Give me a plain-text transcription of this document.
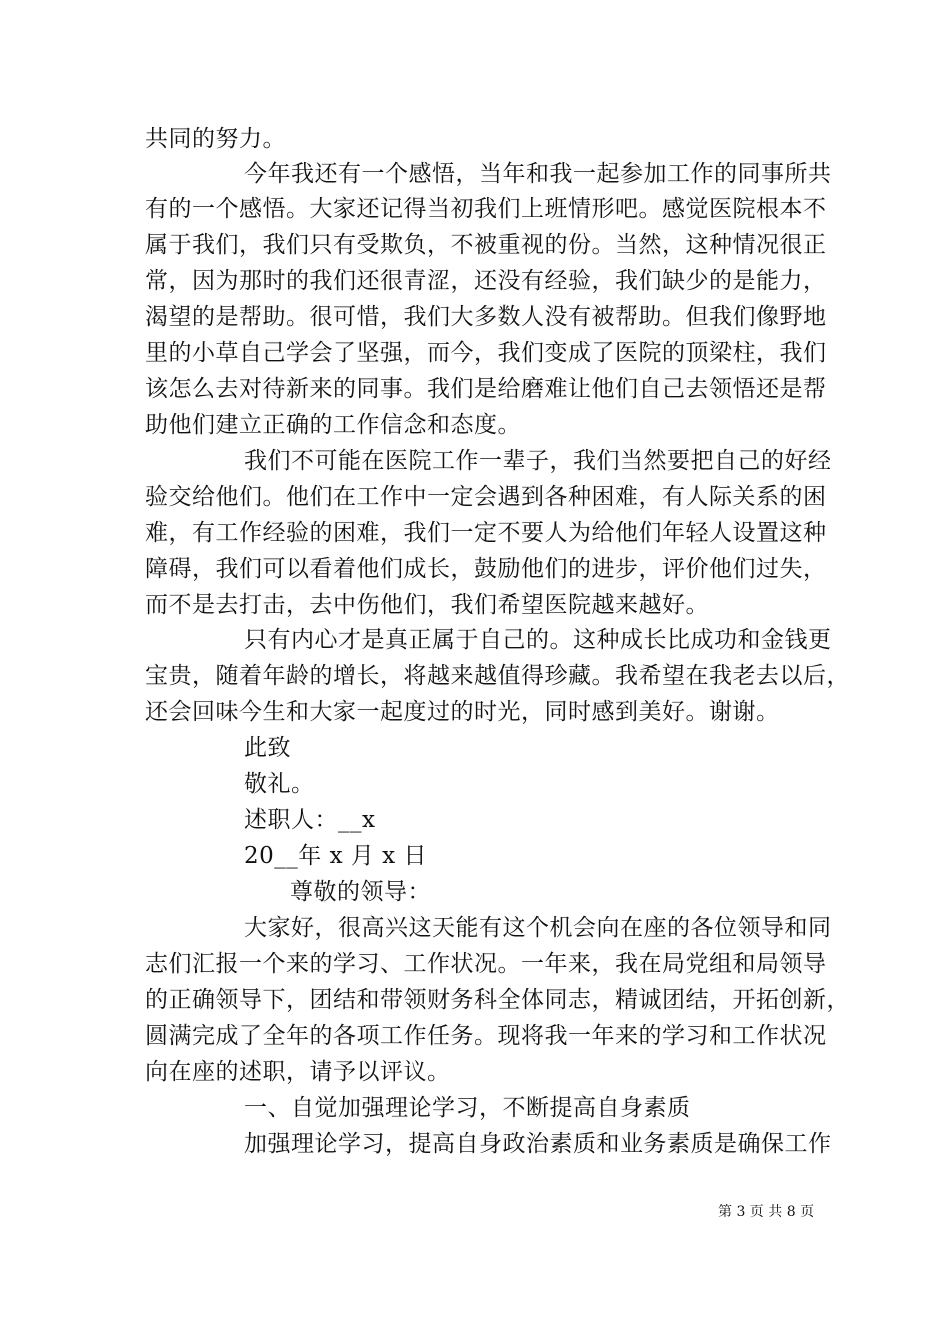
共同的努力。
今年我还有一个感悟，当年和我一起参加工作的同事所共
有的一个感悟。大家还记得当初我们上班情形吧。感觉医院根本不
属于我们，我们只有受欺负，不被重视的份。当然，这种情况很正
常，因为那时的我们还很青涩，还没有经验，我们缺少的是能力，
渴望的是帮助。很可惜，我们大多数人没有被帮助。但我们像野地
里的小草自己学会了坚强，而今，我们变成了医院的顶梁柱，我们
该怎么去对待新来的同事。我们是给磨难让他们自己去领悟还是帮
助他们建立正确的工作信念和态度。
我们不可能在医院工作一辈子，我们当然要把自己的好经
验交给他们。他们在工作中一定会遇到各种困难，有人际关系的困
难，有工作经验的困难，我们一定不要人为给他们年轻人设置这种
障碍，我们可以看着他们成长，鼓励他们的进步，评价他们过失，
而不是去打击，去中伤他们，我们希望医院越来越好。
只有内心才是真正属于自己的。这种成长比成功和金钱更
宝贵，随着年龄的增长，将越来越值得珍藏。我希望在我老去以后，
还会回味今生和大家一起度过的时光，同时感到美好。谢谢。
此致
敬礼。
述职人：__x
20__年 x 月 x 日
尊敬的领导：
大家好，很高兴这天能有这个机会向在座的各位领导和同
志们汇报一个来的学习、工作状况。一年来，我在局党组和局领导
的正确领导下，团结和带领财务科全体同志，精诚团结，开拓创新，
圆满完成了全年的各项工作任务。现将我一年来的学习和工作状况
向在座的述职，请予以评议。
一、自觉加强理论学习，不断提高自身素质
加强理论学习，提高自身政治素质和业务素质是确保工作
第 3 页 共 8 页
